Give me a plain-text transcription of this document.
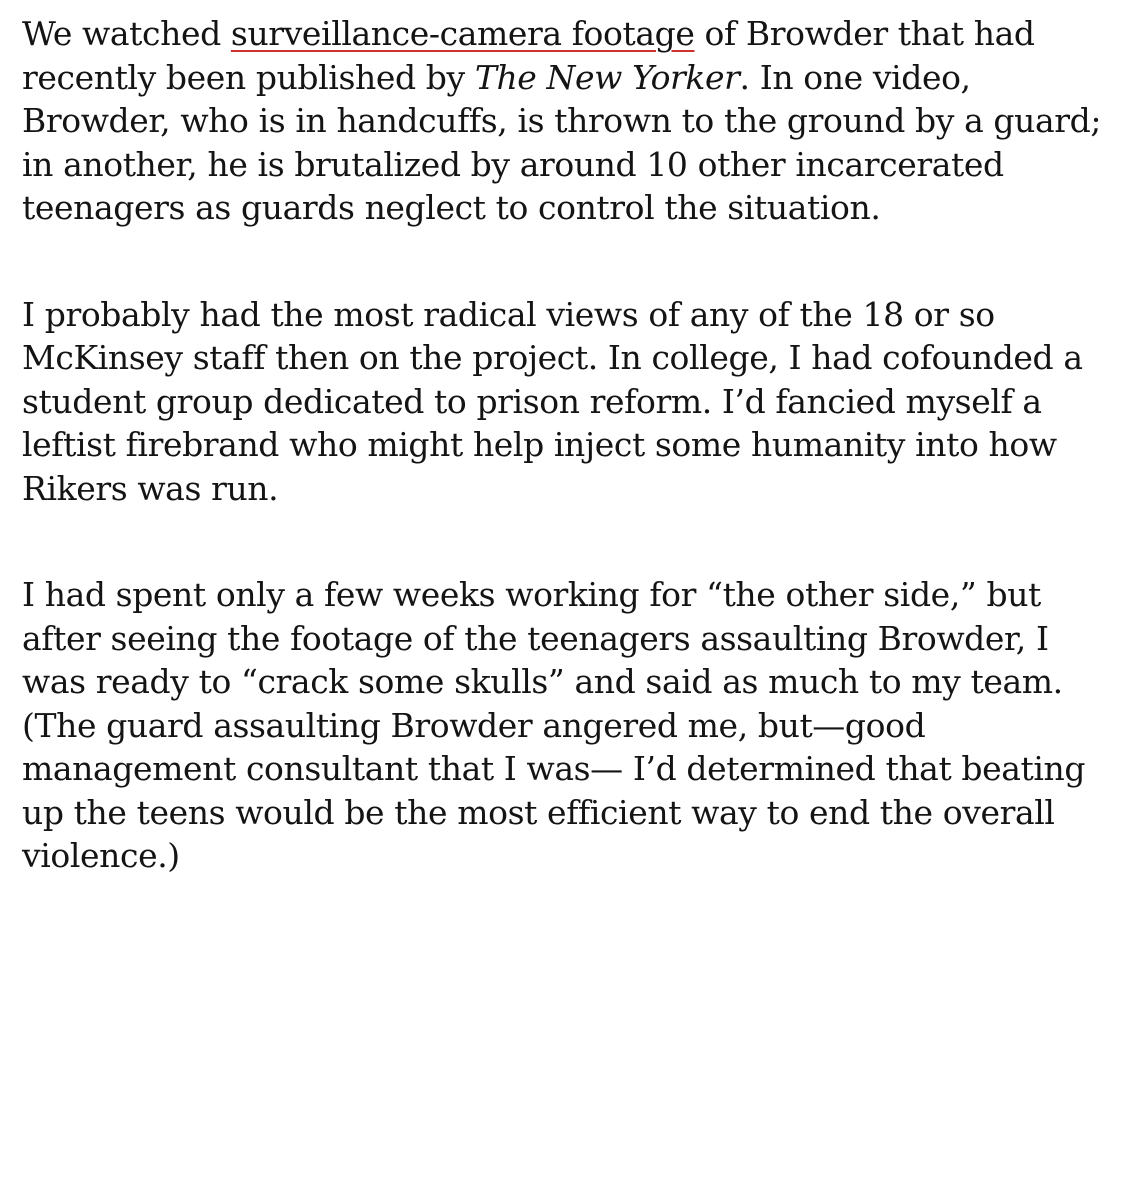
We watched surveillance-camera footage of Browder that had recently been published by The New Yorker. In one video, Browder, who is in handcuffs, is thrown to the ground by a guard; in another, he is brutalized by around 10 other incarcerated teenagers as guards neglect to control the situation.

I probably had the most radical views of any of the 18 or so McKinsey staff then on the project. In college, I had cofounded a student group dedicated to prison reform. I’d fancied myself a leftist firebrand who might help inject some humanity into how Rikers was run.

I had spent only a few weeks working for “the other side,” but after seeing the footage of the teenagers assaulting Browder, I was ready to “crack some skulls” and said as much to my team. (The guard assaulting Browder angered me, but—good management consultant that I was— I’d determined that beating up the teens would be the most efficient way to end the overall violence.)
